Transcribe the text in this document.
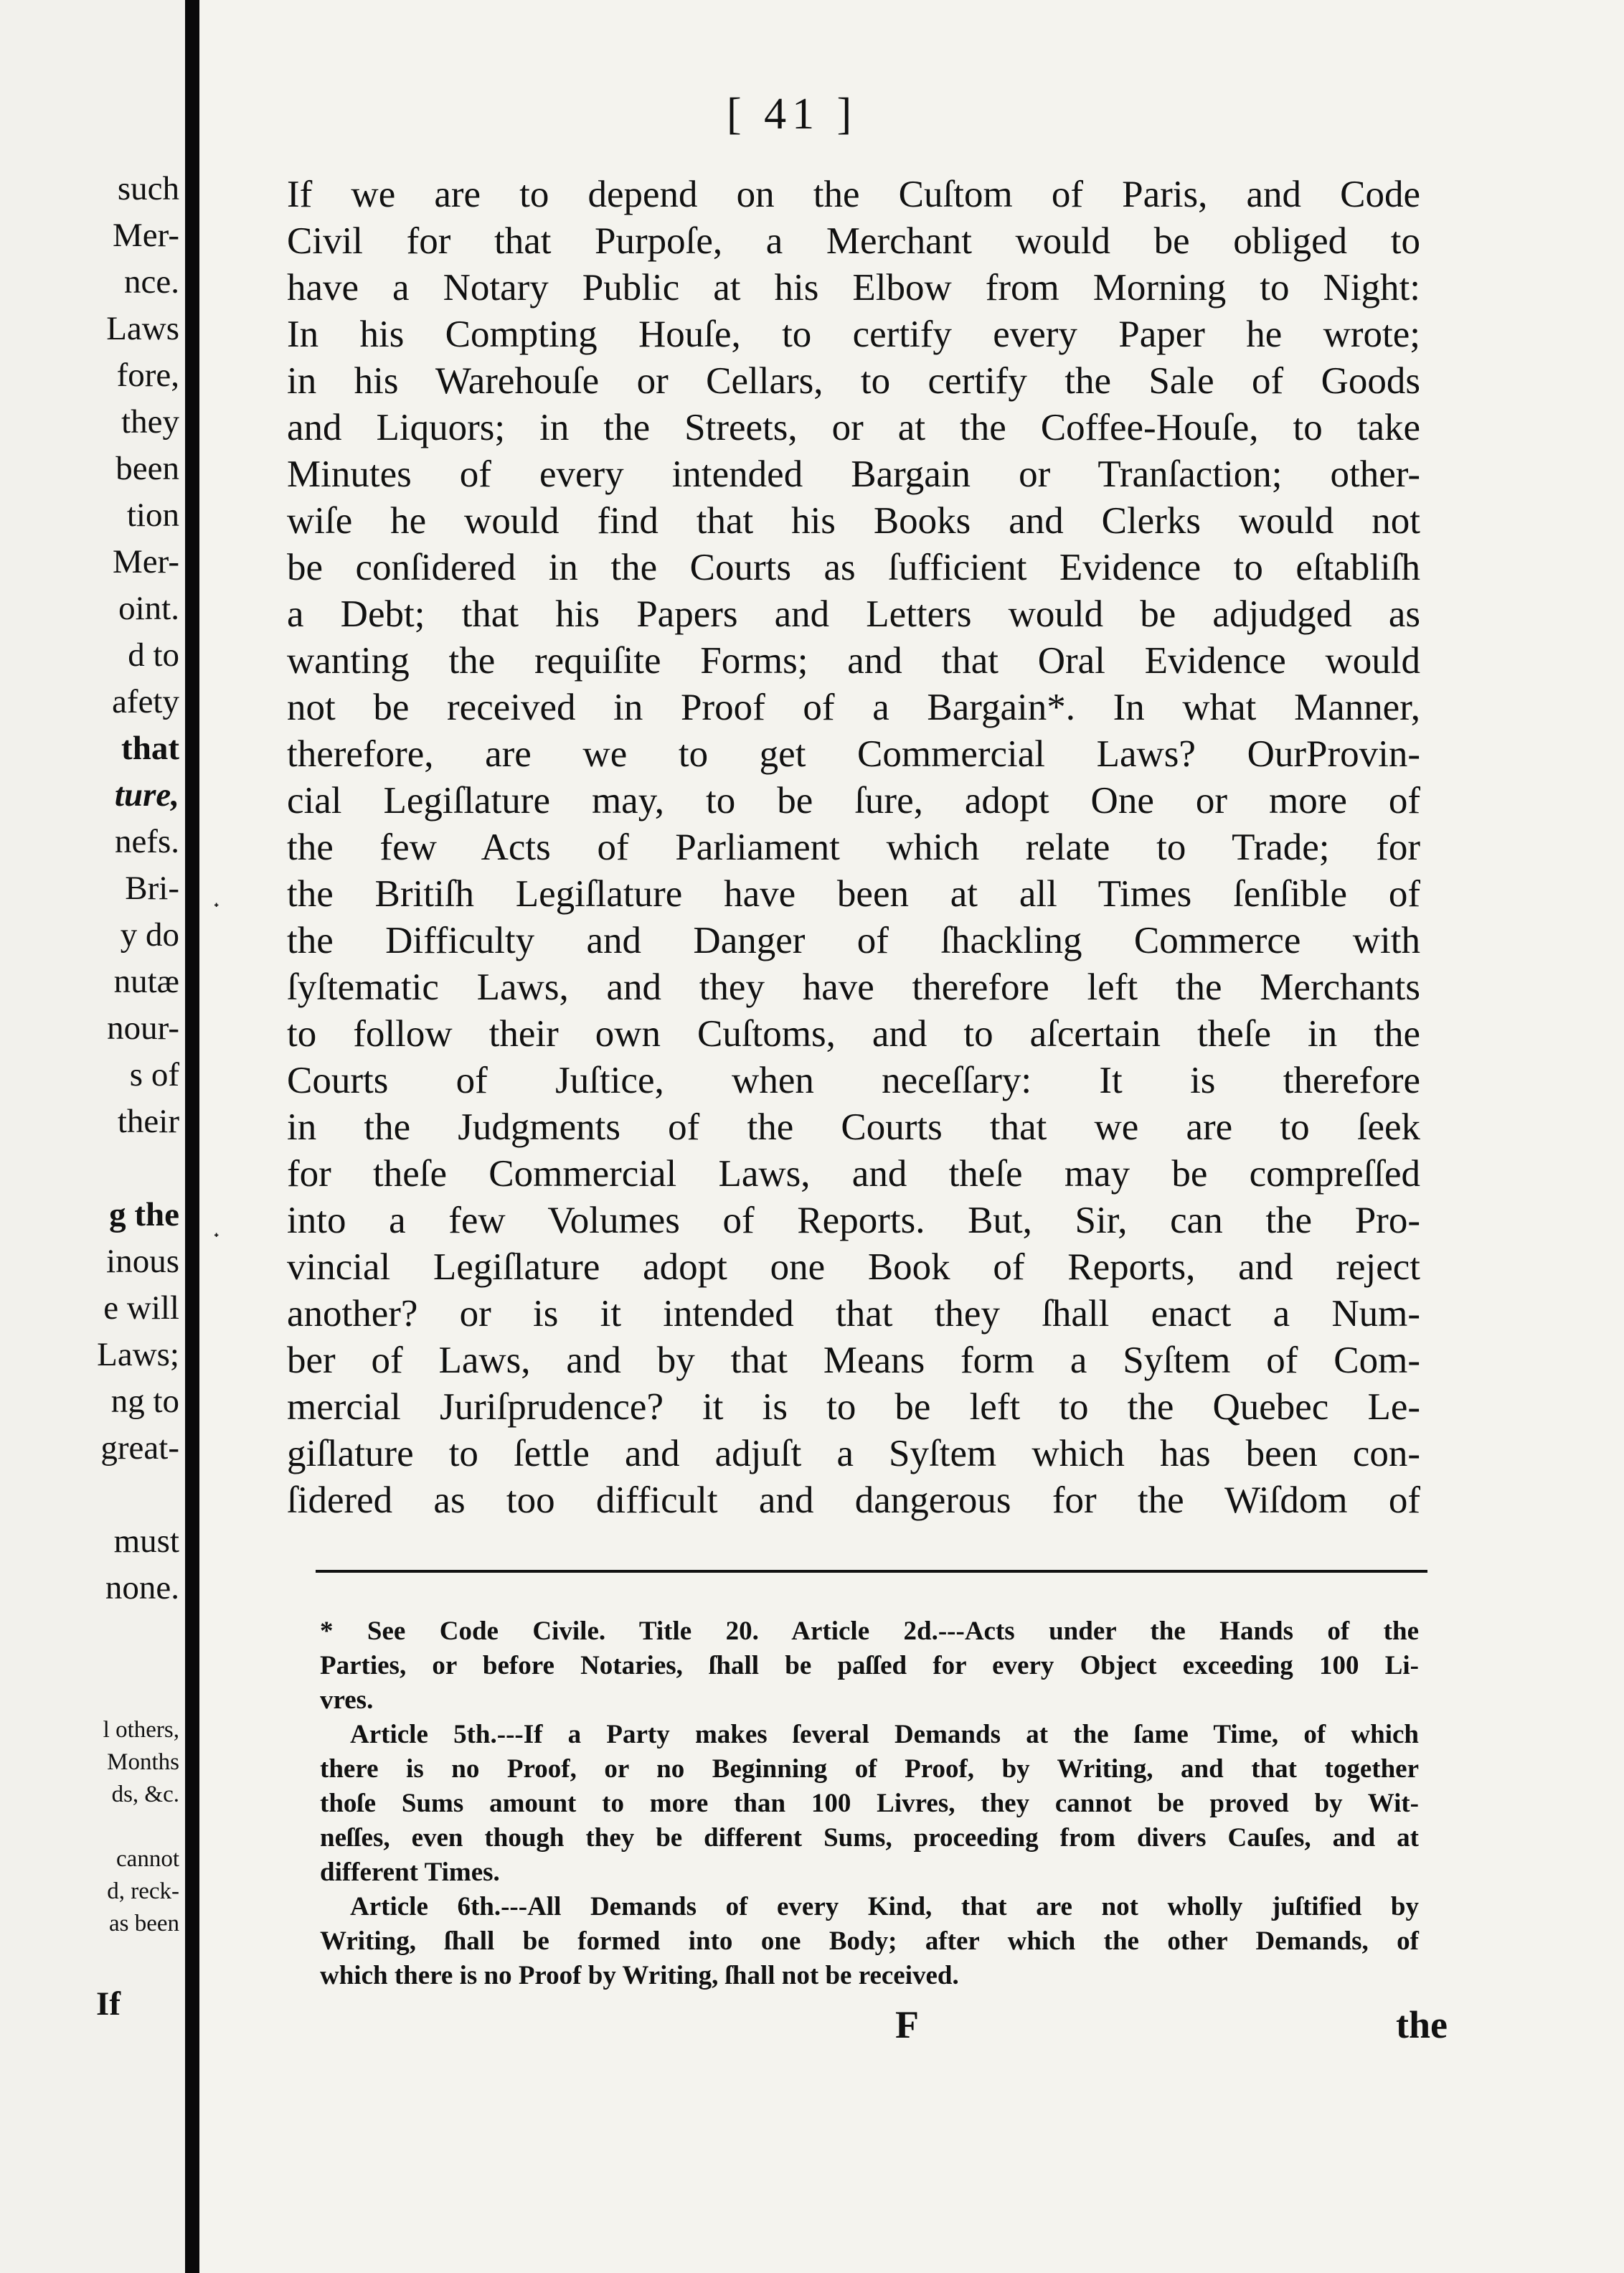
such
Mer-
nce.
Laws
fore,
they
been
tion
Mer-
oint.
d to
afety
that
ture,
nefs.
Bri-
y do
nutæ
nour-
s of
their
g the
inous
e will
Laws;
ng to
great-
must
none.
l others,
Months
ds, &c.
cannot
d, reck-
as been
If
[ 41 ]
˖
˖
If we are to depend on the Cuſtom of Paris, and Code
Civil for that Purpoſe, a Merchant would be obliged to
have a Notary Public at his Elbow from Morning to Night:
In his Compting Houſe, to certify every Paper he wrote;
in his Warehouſe or Cellars, to certify the Sale of Goods
and Liquors; in the Streets, or at the Coffee-Houſe, to take
Minutes of every intended Bargain or Tranſaction; other-
wiſe he would find that his Books and Clerks would not
be conſidered in the Courts as ſufficient Evidence to eſtabliſh
a Debt; that his Papers and Letters would be adjudged as
wanting the requiſite Forms; and that Oral Evidence would
not be received in Proof of a Bargain*. In what Manner,
therefore, are we to get Commercial Laws? OurProvin-
cial Legiſlature may, to be ſure, adopt One or more of
the few Acts of Parliament which relate to Trade; for
the Britiſh Legiſlature have been at all Times ſenſible of
the Difficulty and Danger of ſhackling Commerce with
ſyſtematic Laws, and they have therefore left the Merchants
to follow their own Cuſtoms, and to aſcertain theſe in the
Courts of Juſtice, when neceſſary: It is therefore
in the Judgments of the Courts that we are to ſeek
for theſe Commercial Laws, and theſe may be compreſſed
into a few Volumes of Reports. But, Sir, can the Pro-
vincial Legiſlature adopt one Book of Reports, and reject
another? or is it intended that they ſhall enact a Num-
ber of Laws, and by that Means form a Syſtem of Com-
mercial Juriſprudence? it is to be left to the Quebec Le-
giſlature to ſettle and adjuſt a Syſtem which has been con-
ſidered as too difficult and dangerous for the Wiſdom of
* See Code Civile. Title 20. Article 2d.---Acts under the Hands of the
Parties, or before Notaries, ſhall be paſſed for every Object exceeding 100 Li-
vres.
Article 5th.---If a Party makes ſeveral Demands at the ſame Time, of which
there is no Proof, or no Beginning of Proof, by Writing, and that together
thoſe Sums amount to more than 100 Livres, they cannot be proved by Wit-
neſſes, even though they be different Sums, proceeding from divers Cauſes, and at
different Times.
Article 6th.---All Demands of every Kind, that are not wholly juſtified by
Writing, ſhall be formed into one Body; after which the other Demands, of
which there is no Proof by Writing, ſhall not be received.
F	the
